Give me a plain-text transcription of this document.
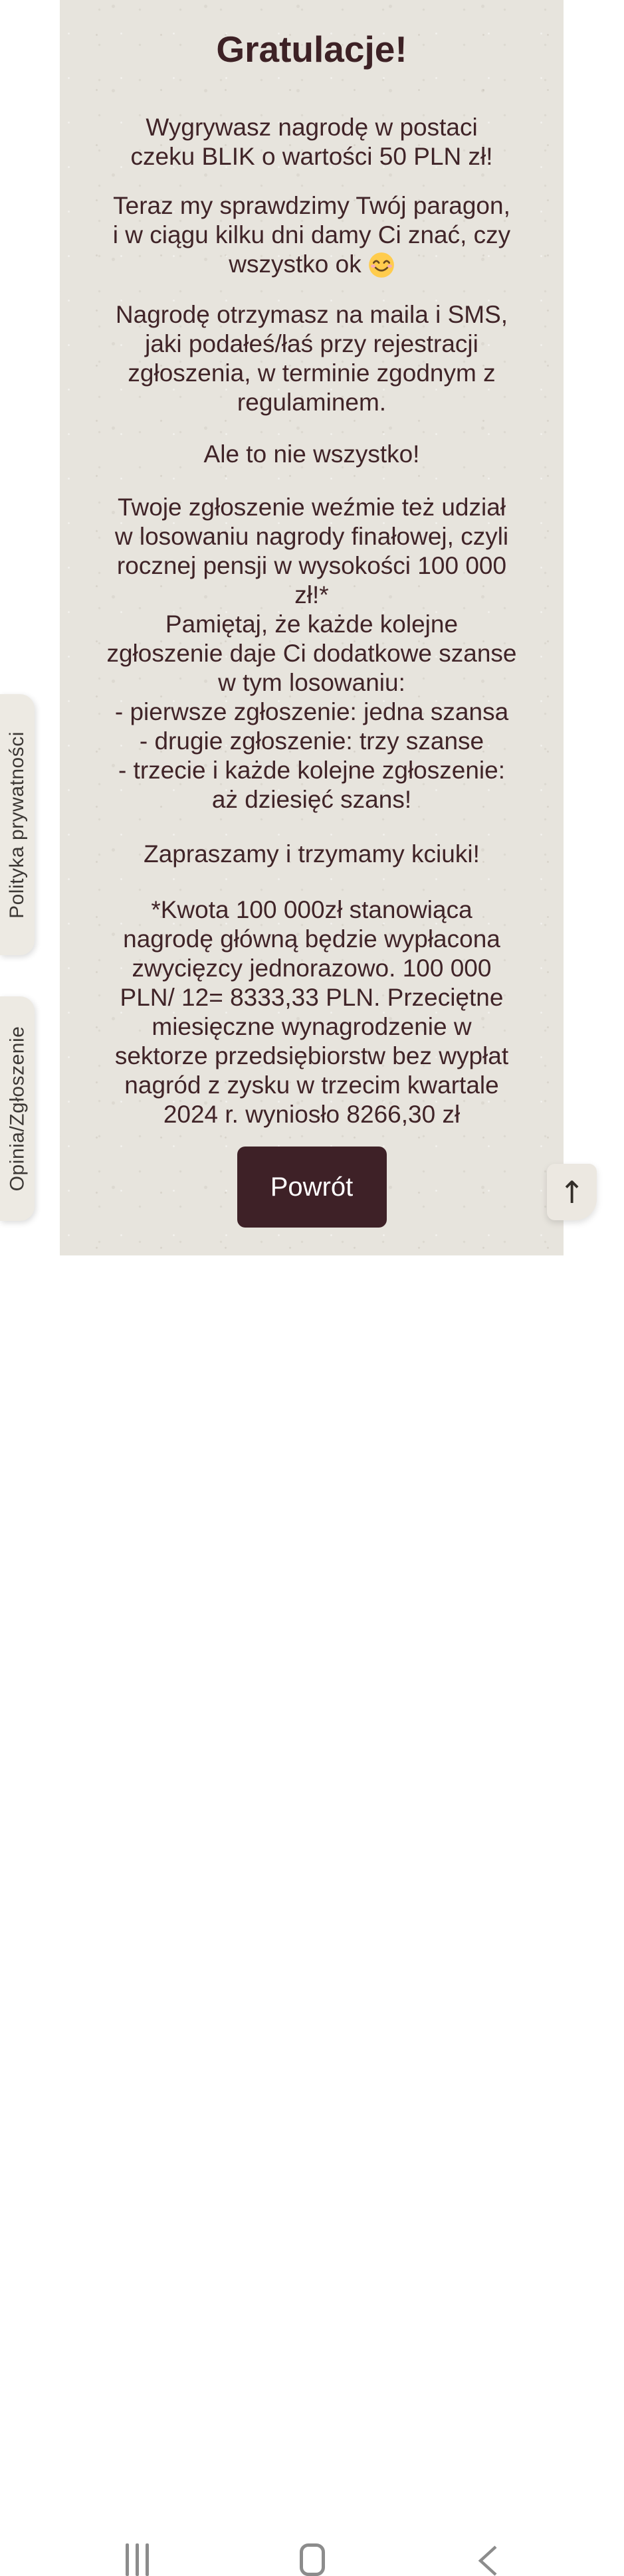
Gratulacje!
Wygrywasz nagrodę w postaci
czeku BLIK o wartości 50 PLN zł!
Teraz my sprawdzimy Twój paragon,
i w ciągu kilku dni damy Ci znać, czy
wszystko ok
Nagrodę otrzymasz na maila i SMS,
jaki podałeś/łaś przy rejestracji
zgłoszenia, w terminie zgodnym z
regulaminem.
Ale to nie wszystko!
Twoje zgłoszenie weźmie też udział
w losowaniu nagrody finałowej, czyli
rocznej pensji w wysokości 100 000
zł!*
Pamiętaj, że każde kolejne
zgłoszenie daje Ci dodatkowe szanse
w tym losowaniu:
- pierwsze zgłoszenie: jedna szansa
- drugie zgłoszenie: trzy szanse
- trzecie i każde kolejne zgłoszenie:
aż dziesięć szans!
Zapraszamy i trzymamy kciuki!
*Kwota 100 000zł stanowiąca
nagrodę główną będzie wypłacona
zwycięzcy jednorazowo. 100 000
PLN/ 12= 8333,33 PLN. Przeciętne
miesięczne wynagrodzenie w
sektorze przedsiębiorstw bez wypłat
nagród z zysku w trzecim kwartale
2024 r. wyniosło 8266,30 zł
Powrót
Polityka prywatności
Opinia/Zgłoszenie
↑
